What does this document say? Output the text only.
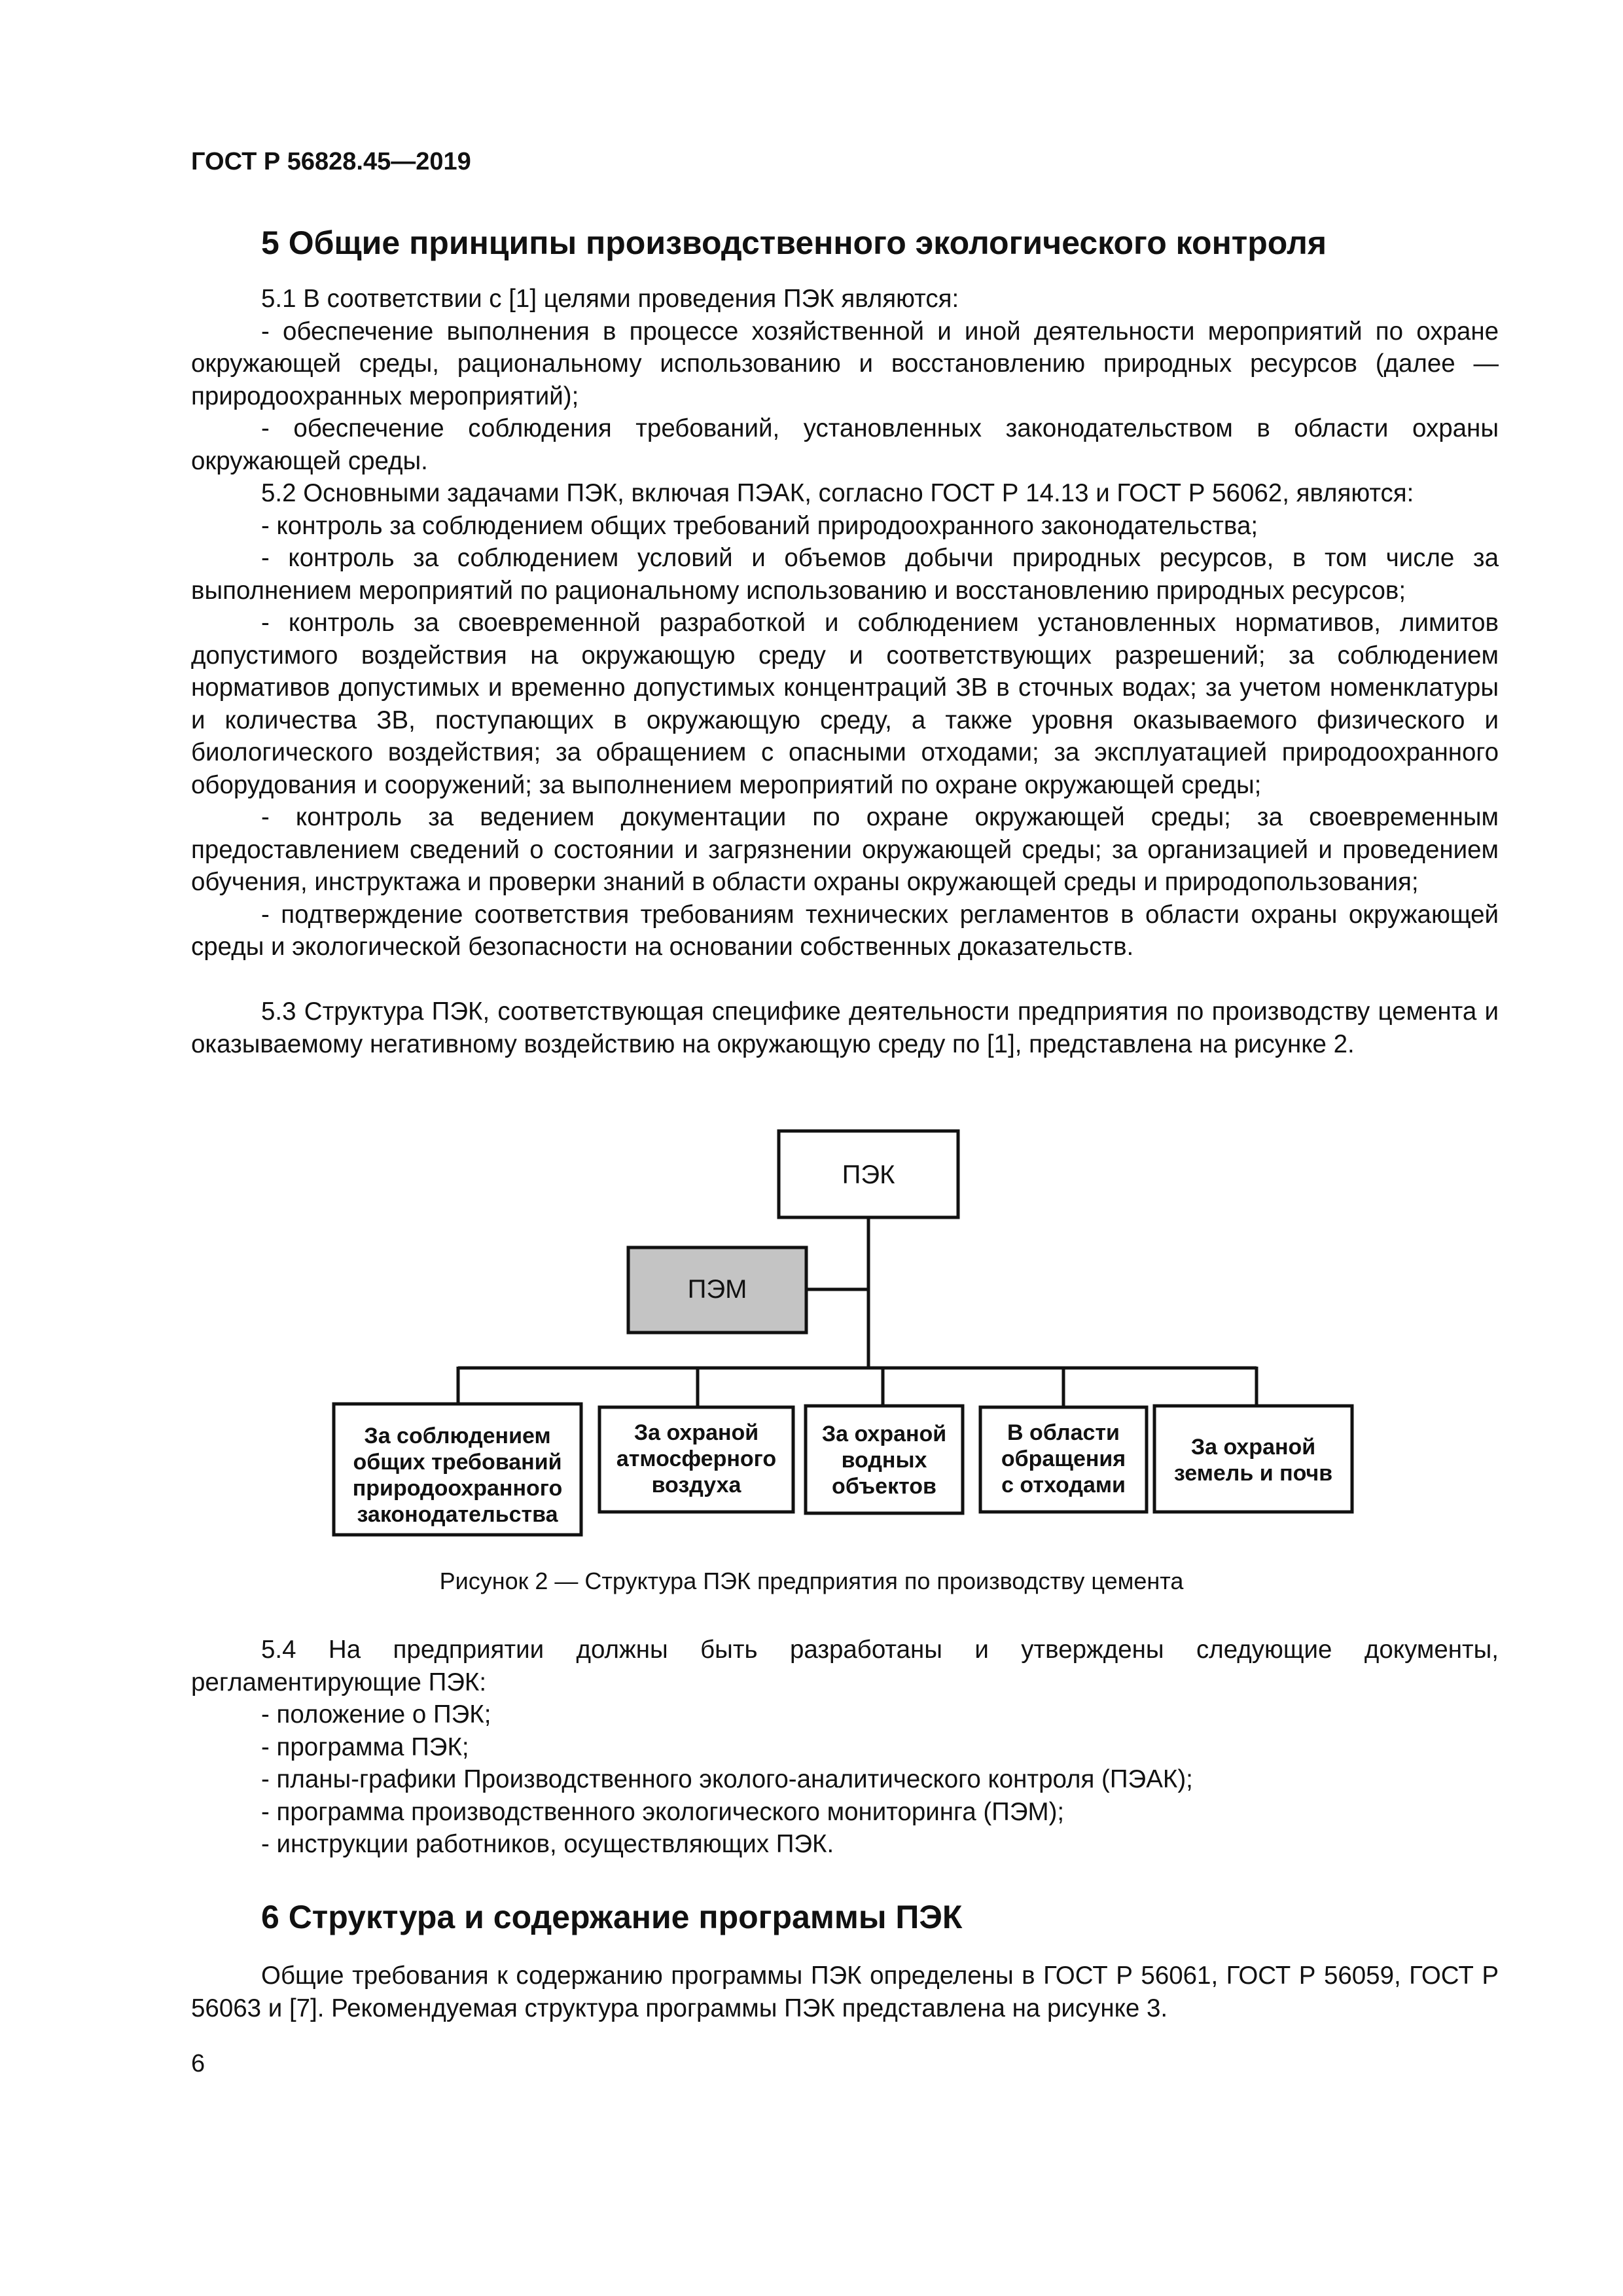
ГОСТ Р 56828.45—2019
5 Общие принципы производственного экологического контроля

5.1 В соответствии с [1] целями проведения ПЭК являются:

- обеспечение выполнения в процессе хозяйственной и иной деятельности мероприятий по охране окружающей среды, рациональному использованию и восстановлению природных ресурсов (далее — природоохранных мероприятий);

- обеспечение соблюдения требований, установленных законодательством в области охраны окружающей среды.

5.2 Основными задачами ПЭК, включая ПЭАК, согласно ГОСТ Р 14.13 и ГОСТ Р 56062, являются:

- контроль за соблюдением общих требований природоохранного законодательства;

- контроль за соблюдением условий и объемов добычи природных ресурсов, в том числе за выполнением мероприятий по рациональному использованию и восстановлению природных ресурсов;

- контроль за своевременной разработкой и соблюдением установленных нормативов, лимитов допустимого воздействия на окружающую среду и соответствующих разрешений; за соблюдением нормативов допустимых и временно допустимых концентраций ЗВ в сточных водах; за учетом номенклатуры и количества ЗВ, поступающих в окружающую среду, а также уровня оказываемого физического и биологического воздействия; за обращением с опасными отходами; за эксплуатацией природоохранного оборудования и сооружений; за выполнением мероприятий по охране окружающей среды;

- контроль за ведением документации по охране окружающей среды; за своевременным предоставлением сведений о состоянии и загрязнении окружающей среды; за организацией и проведением обучения, инструктажа и проверки знаний в области охраны окружающей среды и природопользования;

- подтверждение соответствия требованиям технических регламентов в области охраны окружающей среды и экологической безопасности на основании собственных доказательств.

5.3 Структура ПЭК, соответствующая специфике деятельности предприятия по производству цемента и оказываемому негативному воздействию на окружающую среду по [1], представлена на рисунке 2.

ПЭК
ПЭМ
За соблюдением
общих требований
природоохранного
законодательства
За охраной
атмосферного
воздуха
За охраной
водных
объектов
В области
обращения
с отходами
За охраной
земель и почв
Рисунок 2 — Структура ПЭК предприятия по производству цемента

5.4 На предприятии должны быть разработаны и утверждены следующие документы, регламентирующие ПЭК:

- положение о ПЭК;
- программа ПЭК;
- планы-графики Производственного эколого-аналитического контроля (ПЭАК);
- программа производственного экологического мониторинга (ПЭМ);
- инструкции работников, осуществляющих ПЭК.
6 Структура и содержание программы ПЭК

Общие требования к содержанию программы ПЭК определены в ГОСТ Р 56061, ГОСТ Р 56059, ГОСТ Р 56063 и [7]. Рекомендуемая структура программы ПЭК представлена на рисунке 3.

6
